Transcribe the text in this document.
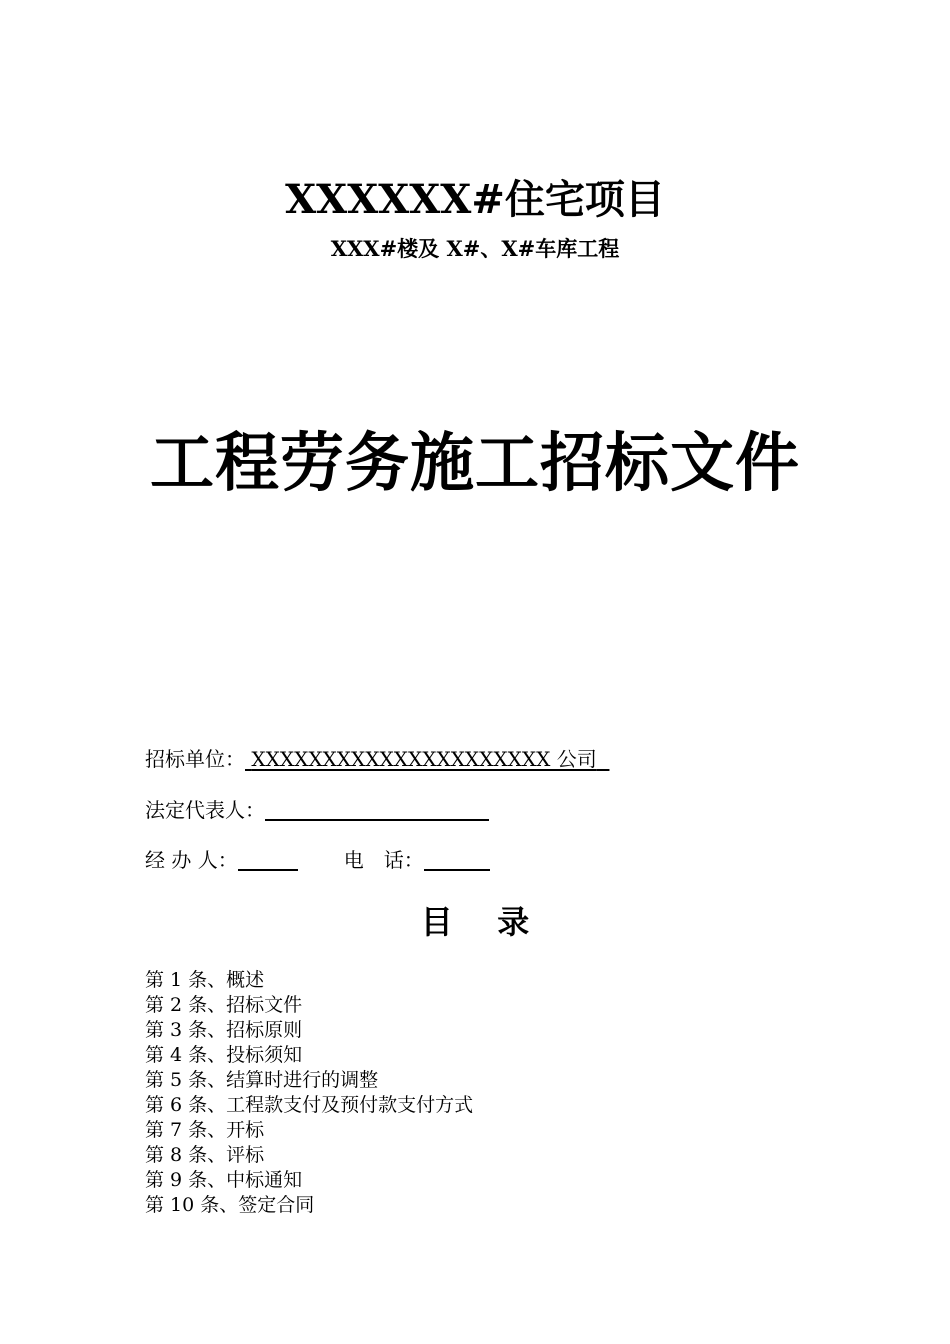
XXXXXX#住宅项目
XXX#楼及 X#、X#车库工程
工程劳务施工招标文件
招标单位： XXXXXXXXXXXXXXXXXXXXX 公司
法定代表人：
经 办 人：	电　话：
目    录
第 1 条、概述
第 2 条、招标文件
第 3 条、招标原则
第 4 条、投标须知
第 5 条、结算时进行的调整
第 6 条、工程款支付及预付款支付方式
第 7 条、开标
第 8 条、评标
第 9 条、中标通知
第 10 条、签定合同
